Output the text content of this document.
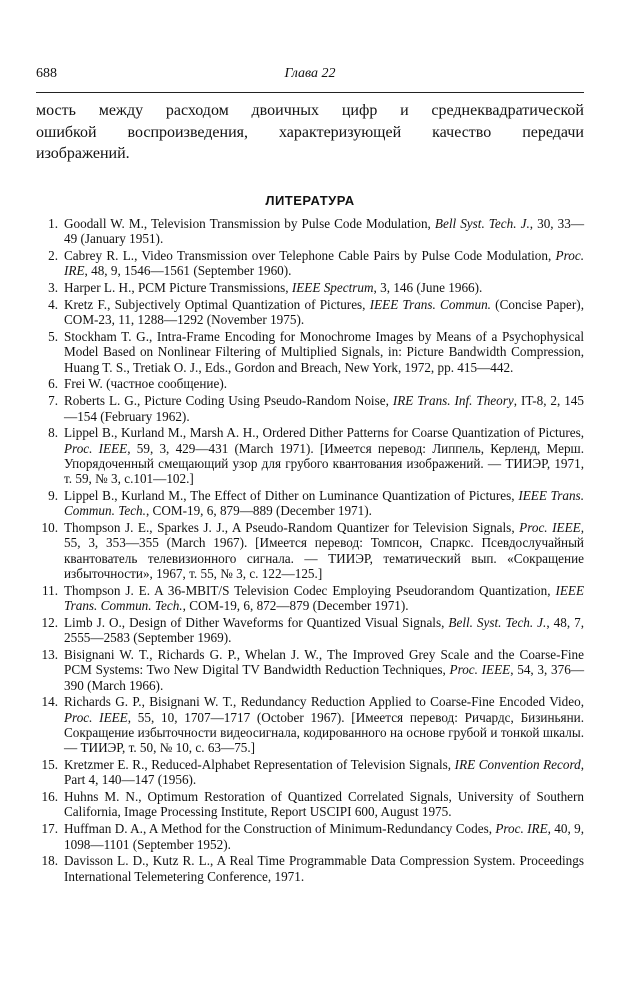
688	Глава 22
мость между расходом двоичных цифр и среднеквадратической
ошибкой воспроизведения, характеризующей качество передачи
изображений.
ЛИТЕРАТУРА
1. Goodall W. M., Television Transmission by Pulse Code Modulation, Bell Syst. Tech. J., 30, 33—49 (January 1951).
2. Cabrey R. L., Video Transmission over Telephone Cable Pairs by Pulse Code Modulation, Proc. IRE, 48, 9, 1546—1561 (September 1960).
3. Harper L. H., PCM Picture Transmissions, IEEE Spectrum, 3, 146 (June 1966).
4. Kretz F., Subjectively Optimal Quantization of Pictures, IEEE Trans. Commun. (Concise Paper), COM-23, 11, 1288—1292 (November 1975).
5. Stockham T. G., Intra-Frame Encoding for Monochrome Images by Means of a Psychophysical Model Based on Nonlinear Filtering of Multiplied Signals, in: Picture Bandwidth Compression, Huang T. S., Tretiak O. J., Eds., Gordon and Breach, New York, 1972, pp. 415—442.
6. Frei W. (частное сообщение).
7. Roberts L. G., Picture Coding Using Pseudo-Random Noise, IRE Trans. Inf. Theory, IT-8, 2, 145—154 (February 1962).
8. Lippel B., Kurland M., Marsh A. H., Ordered Dither Patterns for Coarse Quantization of Pictures, Proc. IEEE, 59, 3, 429—431 (March 1971). [Имеется перевод: Липпель, Керленд, Мерш. Упорядоченный смещающий узор для грубого квантования изображений. — ТИИЭР, 1971, т. 59, № 3, с.101—102.]
9. Lippel B., Kurland M., The Effect of Dither on Luminance Quantization of Pictures, IEEE Trans. Commun. Tech., COM-19, 6, 879—889 (December 1971).
10. Thompson J. E., Sparkes J. J., A Pseudo-Random Quantizer for Television Signals, Proc. IEEE, 55, 3, 353—355 (March 1967). [Имеется перевод: Томпсон, Спаркс. Псевдослучайный квантователь телевизионного сигнала. — ТИИЭР, тематический вып. «Сокращение избыточности», 1967, т. 55, № 3, с. 122—125.]
11. Thompson J. E. A 36-MBIT/S Television Codec Employing Pseudorandom Quantization, IEEE Trans. Commun. Tech., COM-19, 6, 872—879 (December 1971).
12. Limb J. O., Design of Dither Waveforms for Quantized Visual Signals, Bell. Syst. Tech. J., 48, 7, 2555—2583 (September 1969).
13. Bisignani W. T., Richards G. P., Whelan J. W., The Improved Grey Scale and the Coarse-Fine PCM Systems: Two New Digital TV Bandwidth Reduction Techniques, Proc. IEEE, 54, 3, 376—390 (March 1966).
14. Richards G. P., Bisignani W. T., Redundancy Reduction Applied to Coarse-Fine Encoded Video, Proc. IEEE, 55, 10, 1707—1717 (October 1967). [Имеется перевод: Ричардс, Бизиньяни. Сокращение избыточности видеосигнала, кодированного на основе грубой и тонкой шкалы. — ТИИЭР, т. 50, № 10, с. 63—75.]
15. Kretzmer E. R., Reduced-Alphabet Representation of Television Signals, IRE Convention Record, Part 4, 140—147 (1956).
16. Huhns M. N., Optimum Restoration of Quantized Correlated Signals, University of Southern California, Image Processing Institute, Report USCIPI 600, August 1975.
17. Huffman D. A., A Method for the Construction of Minimum-Redundancy Codes, Proc. IRE, 40, 9, 1098—1101 (September 1952).
18. Davisson L. D., Kutz R. L., A Real Time Programmable Data Compression System. Proceedings International Telemetering Conference, 1971.
